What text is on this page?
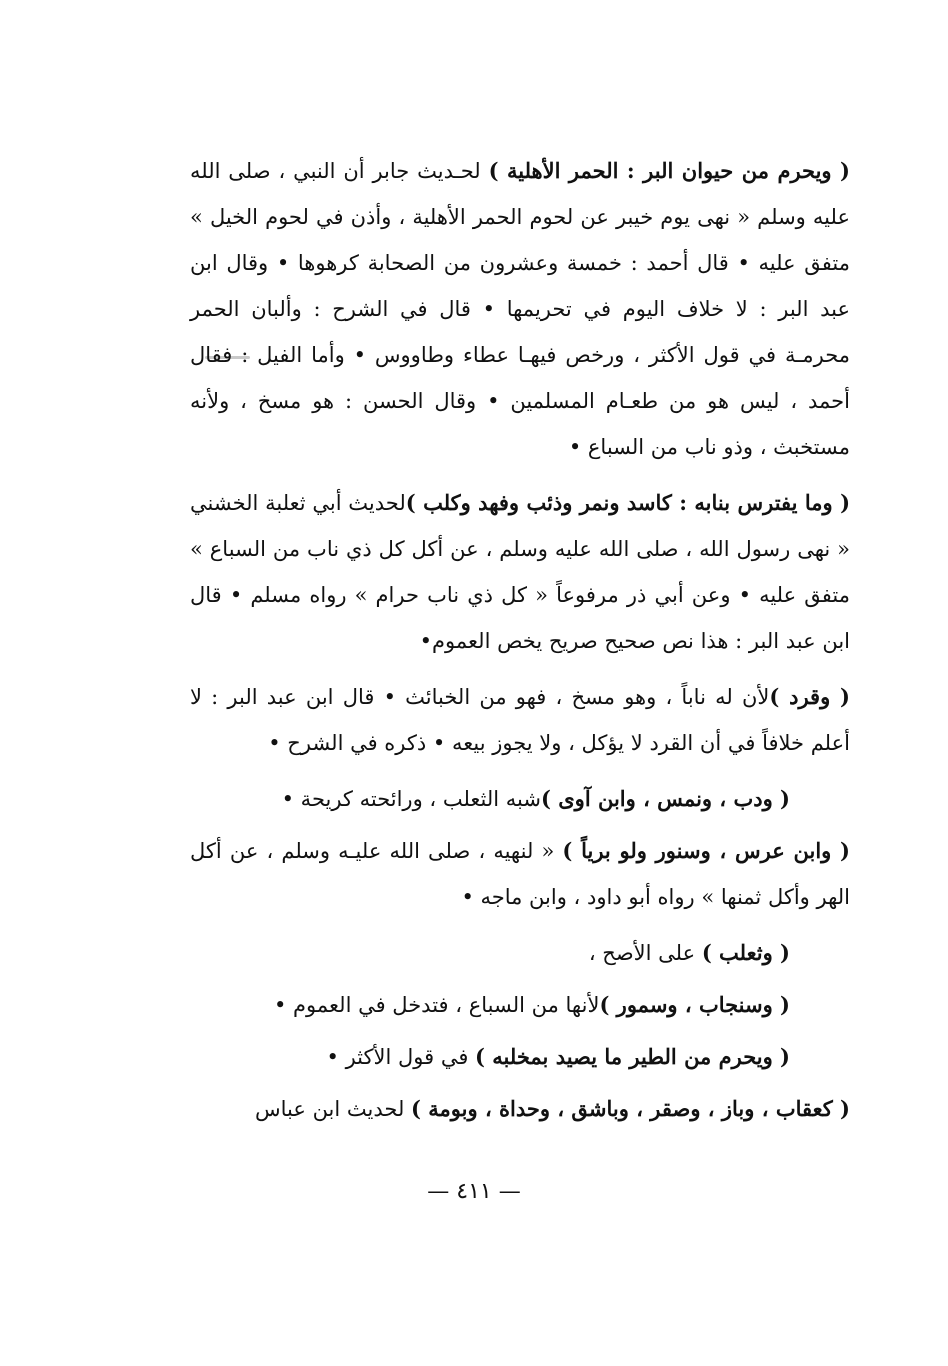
( ويحرم من حيوان البر : الحمر الأهلية ) لحـديث جابر أن النبي ، صلى الله عليه وسلم « نهى يوم خيبر عن لحوم الحمر الأهلية ، وأذن في لحوم الخيل » متفق عليه • قال أحمد : خمسة وعشرون من الصحابة كرهوها • وقال ابن عبد البر : لا خلاف اليوم في تحريمها • قال في الشرح : وألبان الحمر محرمـة في قول الأكثر ، ورخص فيهـا عطاء وطاووس • وأما الفيل : فقال أحمد ، ليس هو من طعـام المسلمين • وقال الحسن : هو مسخ ، ولأنه مستخبث ، وذو ناب من السباع •

( وما يفترس بنابه : كاسد ونمر وذئب وفهد وكلب )لحديث أبي ثعلبة الخشني « نهى رسول الله ، صلى الله عليه وسلم ، عن أكل كل ذي ناب من السباع » متفق عليه • وعن أبي ذر مرفوعاً « كل ذي ناب حرام » رواه مسلم • قال ابن عبد البر : هذا نص صحيح صريح يخص العموم•

( وقرد )لأن له ناباً ، وهو مسخ ، فهو من الخبائث • قال ابن عبد البر : لا أعلم خلافاً في أن القرد لا يؤكل ، ولا يجوز بيعه • ذكره في الشرح •

( ودب ، ونمس ، وابن آوى )شبه الثعلب ، ورائحته كريحة •

( وابن عرس ، وسنور ولو برياً ) « لنهيه ، صلى الله عليـه وسلم ، عن أكل الهر وأكل ثمنها » رواه أبو داود ، وابن ماجه •

( وثعلب ) على الأصح ،

( وسنجاب ، وسمور )لأنها من السباع ، فتدخل في العموم •

( ويحرم من الطير ما يصيد بمخلبه ) في قول الأكثر •

( كعقاب ، وباز ، وصقر ، وباشق ، وحداة ، وبومة ) لحديث ابن عباس

— ٤١١ —
